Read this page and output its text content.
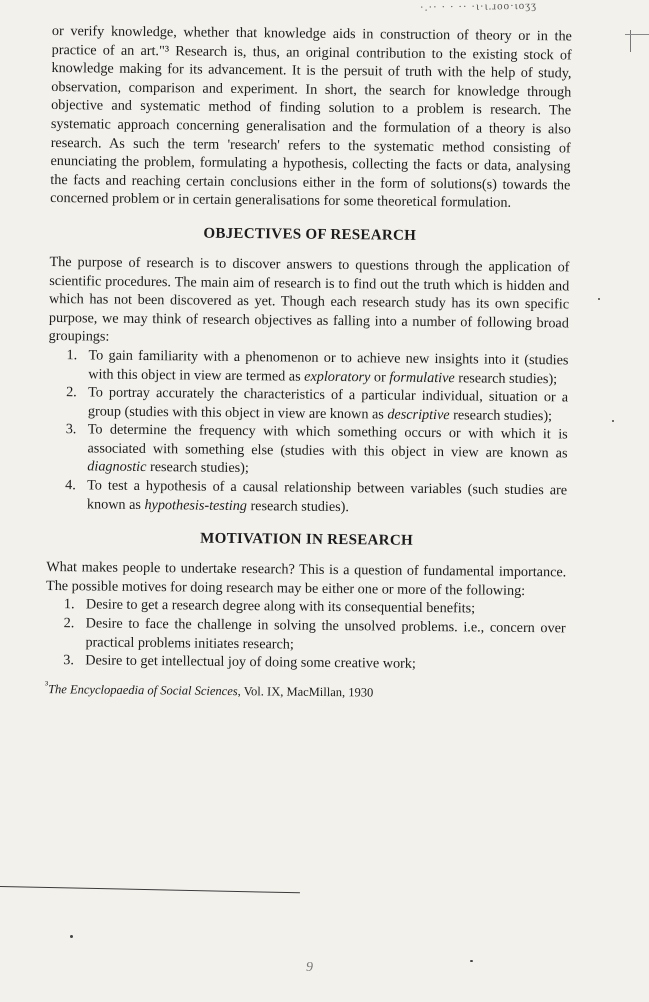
·.·· · · ·· ·ɩ·ɩ.ɹoo·ɩoʒʒ

or verify knowledge, whether that knowledge aids in construction of theory or in the practice of an art."³ Research is, thus, an original contribution to the existing stock of knowledge making for its advancement. It is the persuit of truth with the help of study, observation, comparison and experiment. In short, the search for knowledge through objective and systematic method of finding solution to a problem is research. The systematic approach concerning generalisation and the formulation of a theory is also research. As such the term 'research' refers to the systematic method consisting of enunciating the problem, formulating a hypothesis, collecting the facts or data, analysing the facts and reaching certain conclusions either in the form of solutions(s) towards the concerned problem or in certain generalisations for some theoretical formulation.

OBJECTIVES OF RESEARCH

The purpose of research is to discover answers to questions through the application of scientific procedures. The main aim of research is to find out the truth which is hidden and which has not been discovered as yet. Though each research study has its own specific purpose, we may think of research objectives as falling into a number of following broad groupings:

1. To gain familiarity with a phenomenon or to achieve new insights into it (studies with this object in view are termed as exploratory or formulative research studies);
2. To portray accurately the characteristics of a particular individual, situation or a group (studies with this object in view are known as descriptive research studies);
3. To determine the frequency with which something occurs or with which it is associated with something else (studies with this object in view are known as diagnostic research studies);
4. To test a hypothesis of a causal relationship between variables (such studies are known as hypothesis-testing research studies).
MOTIVATION IN RESEARCH

What makes people to undertake research? This is a question of fundamental importance. The possible motives for doing research may be either one or more of the following:

1. Desire to get a research degree along with its consequential benefits;
2. Desire to face the challenge in solving the unsolved problems. i.e., concern over practical problems initiates research;
3. Desire to get intellectual joy of doing some creative work;
$^{^3}$The Encyclopaedia of Social Sciences, Vol. IX, MacMillan, 1930
9
